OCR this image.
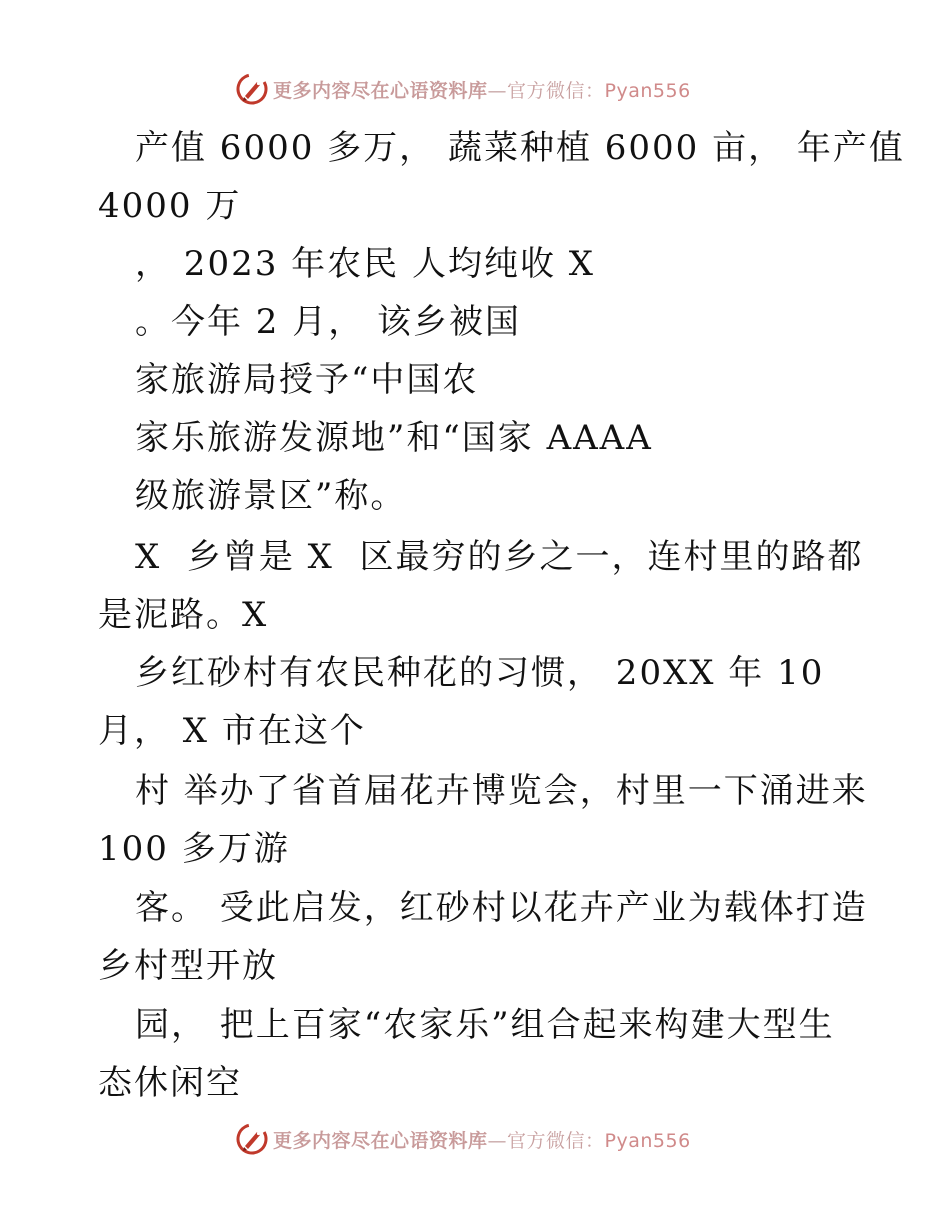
更多内容尽在心语资料库—官方微信：Pyan556
产值 6000 多万， 蔬菜种植 6000 亩， 年产值
4000 万
， 2023 年农民 人均纯收 X
。今年 2 月， 该乡被国
家旅游局授予“中国农
家乐旅游发源地”和“国家 AAAA
级旅游景区”称。
X  乡曾是 X  区最穷的乡之一，连村里的路都
是泥路。X
乡红砂村有农民种花的习惯， 20XX 年 10
月， X 市在这个
村 举办了省首届花卉博览会，村里一下涌进来
100 多万游
客。 受此启发，红砂村以花卉产业为载体打造
乡村型开放
园， 把上百家“农家乐”组合起来构建大型生
态休闲空
更多内容尽在心语资料库—官方微信：Pyan556
